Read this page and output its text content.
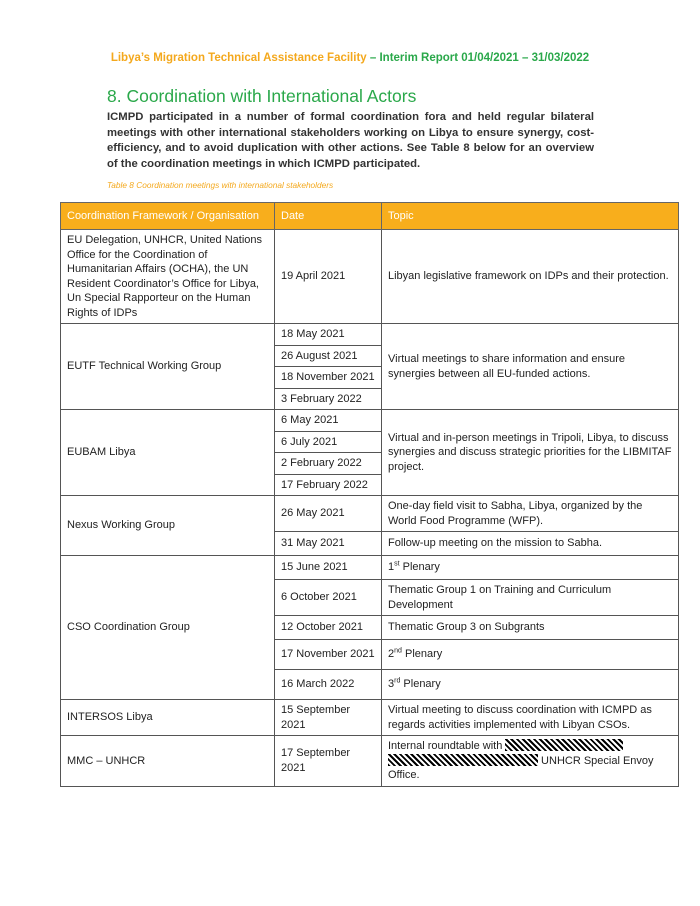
Libya’s Migration Technical Assistance Facility – Interim Report 01/04/2021 – 31/03/2022
8. Coordination with International Actors

ICMPD participated in a number of formal coordination fora and held regular bilateral meetings with other international stakeholders working on Libya to ensure synergy, cost-efficiency, and to avoid duplication with other actions. See Table 8 below for an overview of the coordination meetings in which ICMPD participated.

Table 8 Coordination meetings with international stakeholders

Coordination Framework / Organisation	Date	Topic
EU Delegation, UNHCR, United Nations Office for the Coordination of Humanitarian Affairs (OCHA), the UN Resident Coordinator’s Office for Libya, Un Special Rapporteur on the Human Rights of IDPs	19 April 2021	Libyan legislative framework on IDPs and their protection.
EUTF Technical Working Group	18 May 2021	Virtual meetings to share information and ensure synergies between all EU-funded actions.
	26 August 2021	
	18 November 2021	
	3 February 2022	
EUBAM Libya	6 May 2021	Virtual and in-person meetings in Tripoli, Libya, to discuss synergies and discuss strategic priorities for the LIBMITAF project.
	6 July 2021	
	2 February 2022	
	17 February 2022	
Nexus Working Group	26 May 2021	One-day field visit to Sabha, Libya, organized by the World Food Programme (WFP).
	31 May 2021	Follow-up meeting on the mission to Sabha.
CSO Coordination Group	15 June 2021	1st Plenary
	6 October 2021	Thematic Group 1 on Training and Curriculum Development
	12 October 2021	Thematic Group 3 on Subgrants
	17 November 2021	2nd Plenary
	16 March 2022	3rd Plenary
INTERSOS Libya	15 September 2021	Virtual meeting to discuss coordination with ICMPD as regards activities implemented with Libyan CSOs.
MMC – UNHCR	17 September 2021	Internal roundtable with   UNHCR Special Envoy Office.
